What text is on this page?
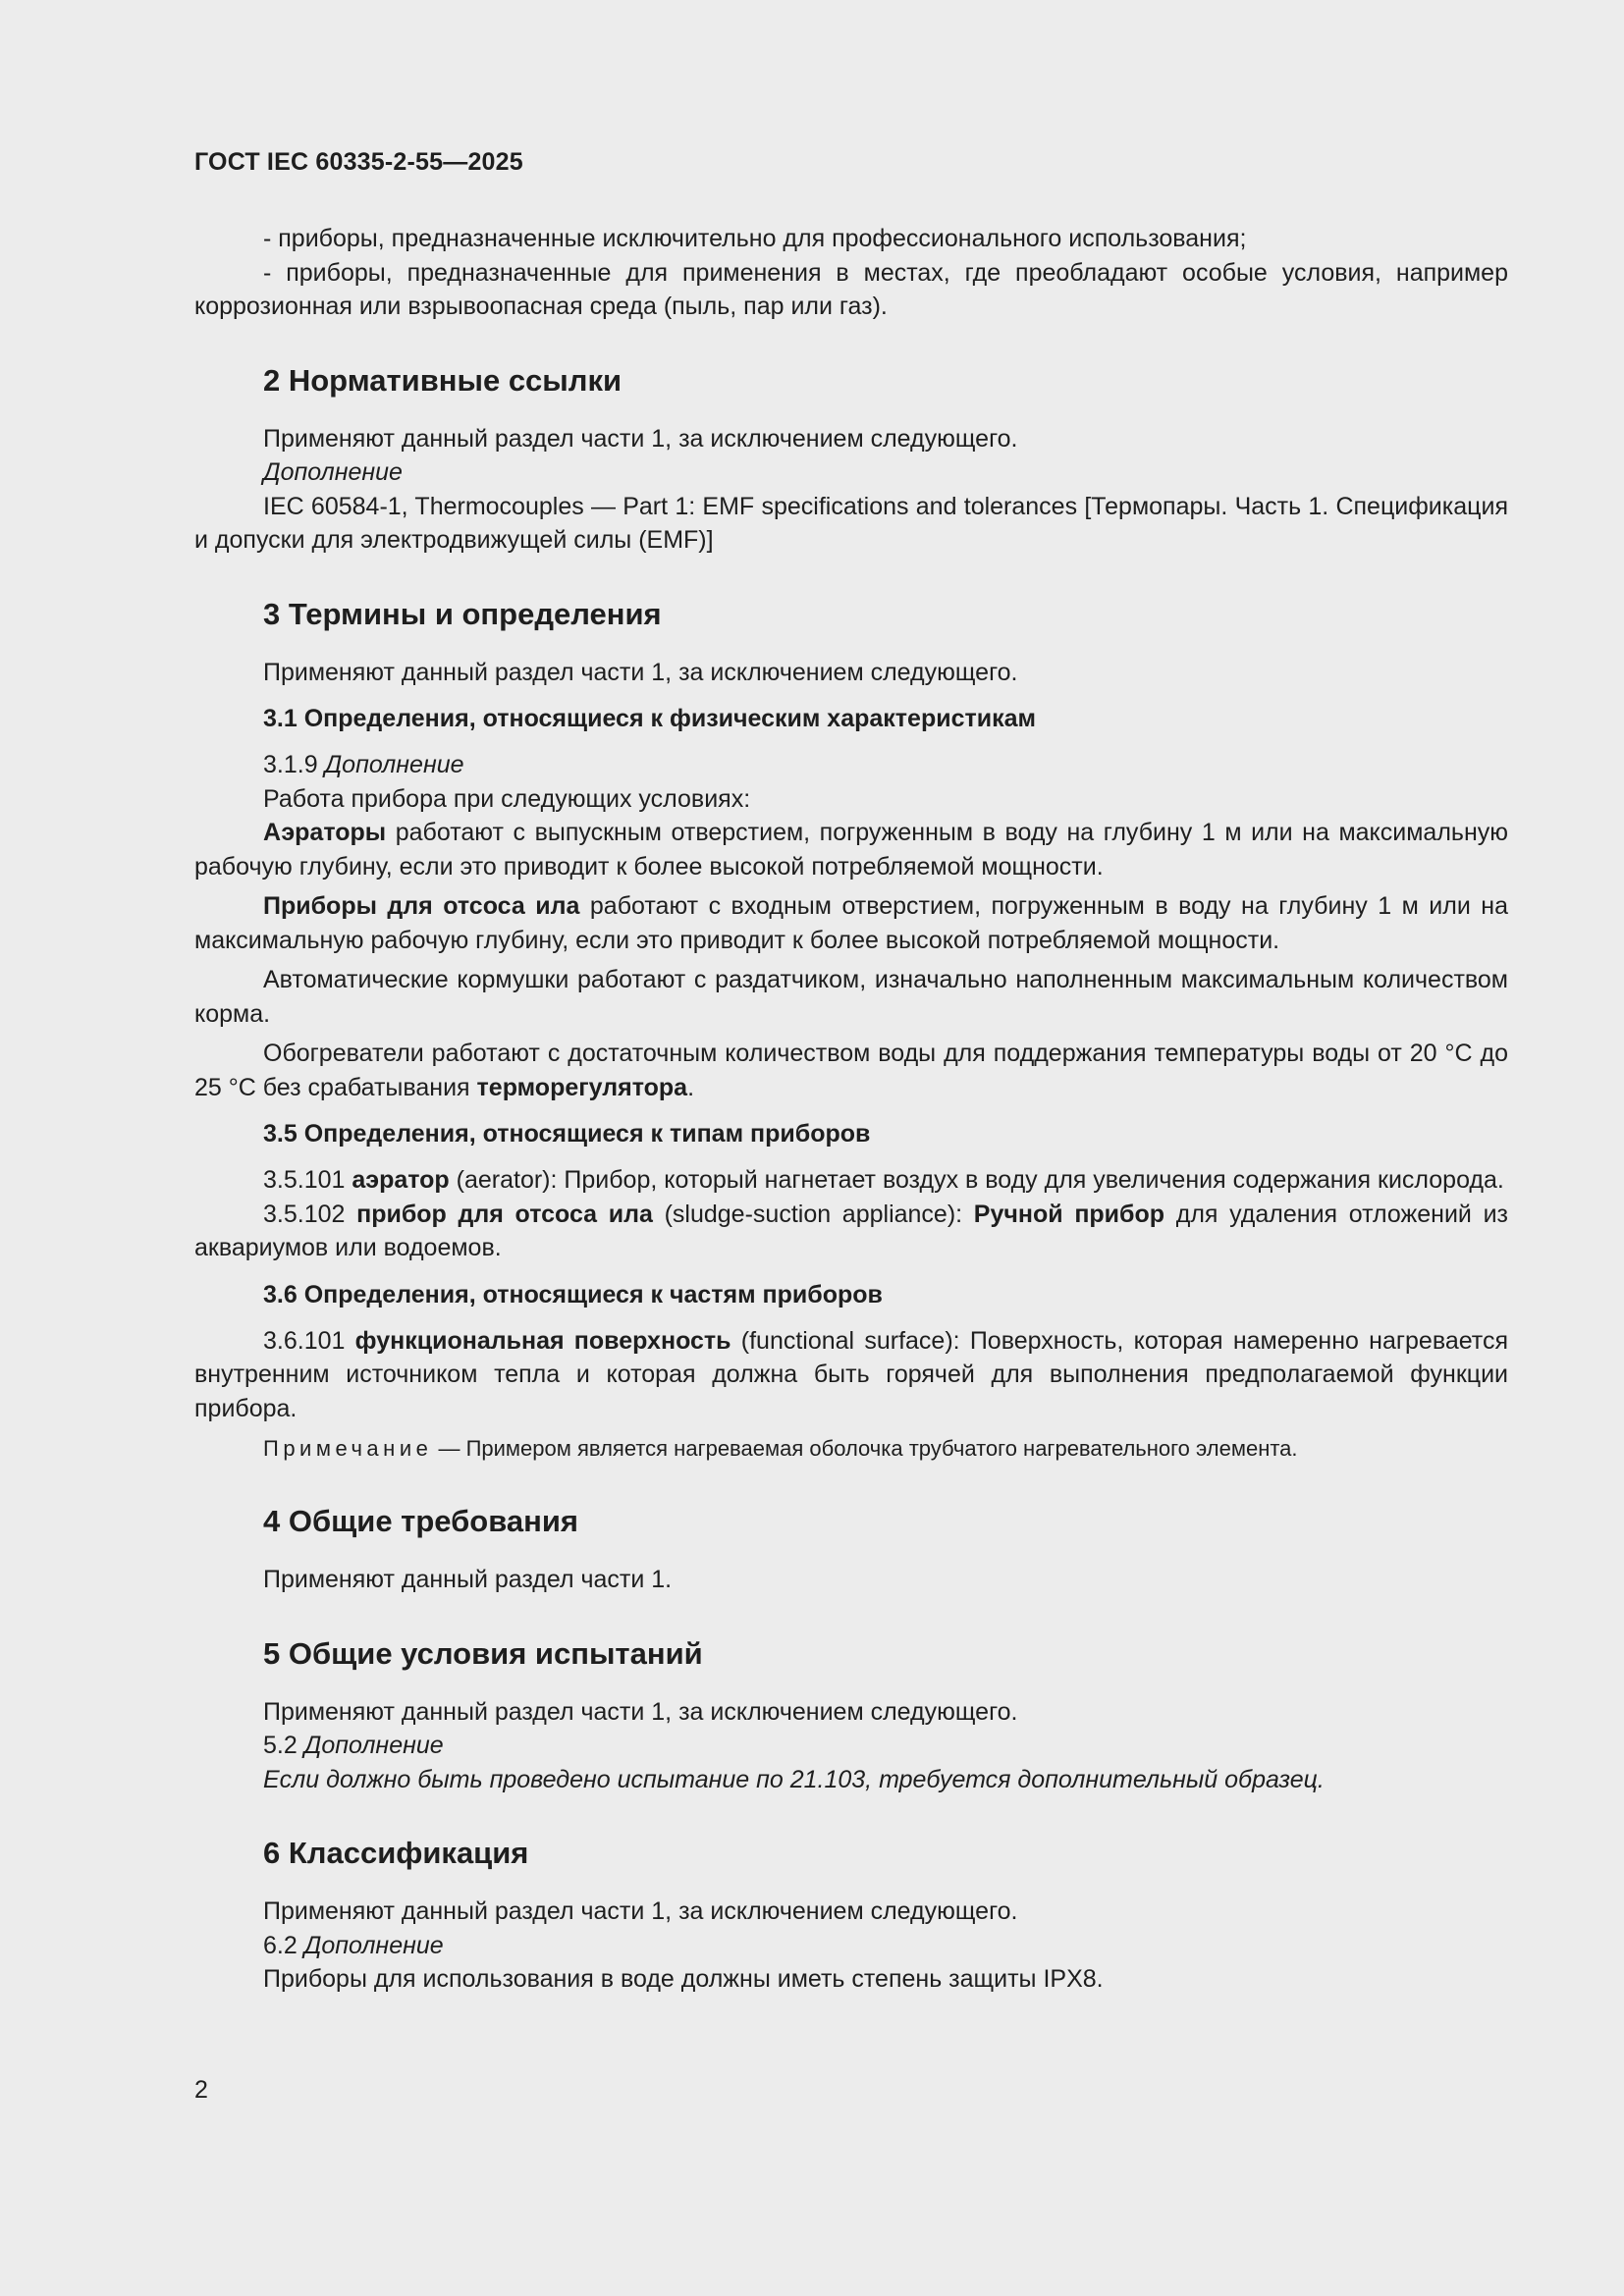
ГОСТ IEC 60335-2-55—2025

- приборы, предназначенные исключительно для профессионального использования;

- приборы, предназначенные для применения в местах, где преобладают особые условия, например коррозионная или взрывоопасная среда (пыль, пар или газ).

2 Нормативные ссылки

Применяют данный раздел части 1, за исключением следующего.

Дополнение

IEC 60584-1, Thermocouples — Part 1: EMF specifications and tolerances [Термопары. Часть 1. Спецификация и допуски для электродвижущей силы (EMF)]

3 Термины и определения

Применяют данный раздел части 1, за исключением следующего.

3.1 Определения, относящиеся к физическим характеристикам

3.1.9 Дополнение

Работа прибора при следующих условиях:

Аэраторы работают с выпускным отверстием, погруженным в воду на глубину 1 м или на максимальную рабочую глубину, если это приводит к более высокой потребляемой мощности.

Приборы для отсоса ила работают с входным отверстием, погруженным в воду на глубину 1 м или на максимальную рабочую глубину, если это приводит к более высокой потребляемой мощности.

Автоматические кормушки работают с раздатчиком, изначально наполненным максимальным количеством корма.

Обогреватели работают с достаточным количеством воды для поддержания температуры воды от 20 °C до 25 °C без срабатывания терморегулятора.

3.5 Определения, относящиеся к типам приборов

3.5.101 аэратор (aerator): Прибор, который нагнетает воздух в воду для увеличения содержания кислорода.

3.5.102 прибор для отсоса ила (sludge-suction appliance): Ручной прибор для удаления отложений из аквариумов или водоемов.

3.6 Определения, относящиеся к частям приборов

3.6.101 функциональная поверхность (functional surface): Поверхность, которая намеренно нагревается внутренним источником тепла и которая должна быть горячей для выполнения предполагаемой функции прибора.

Примечание — Примером является нагреваемая оболочка трубчатого нагревательного элемента.

4 Общие требования

Применяют данный раздел части 1.

5 Общие условия испытаний

Применяют данный раздел части 1, за исключением следующего.

5.2 Дополнение

Если должно быть проведено испытание по 21.103, требуется дополнительный образец.

6 Классификация

Применяют данный раздел части 1, за исключением следующего.

6.2 Дополнение

Приборы для использования в воде должны иметь степень защиты IPX8.

2
